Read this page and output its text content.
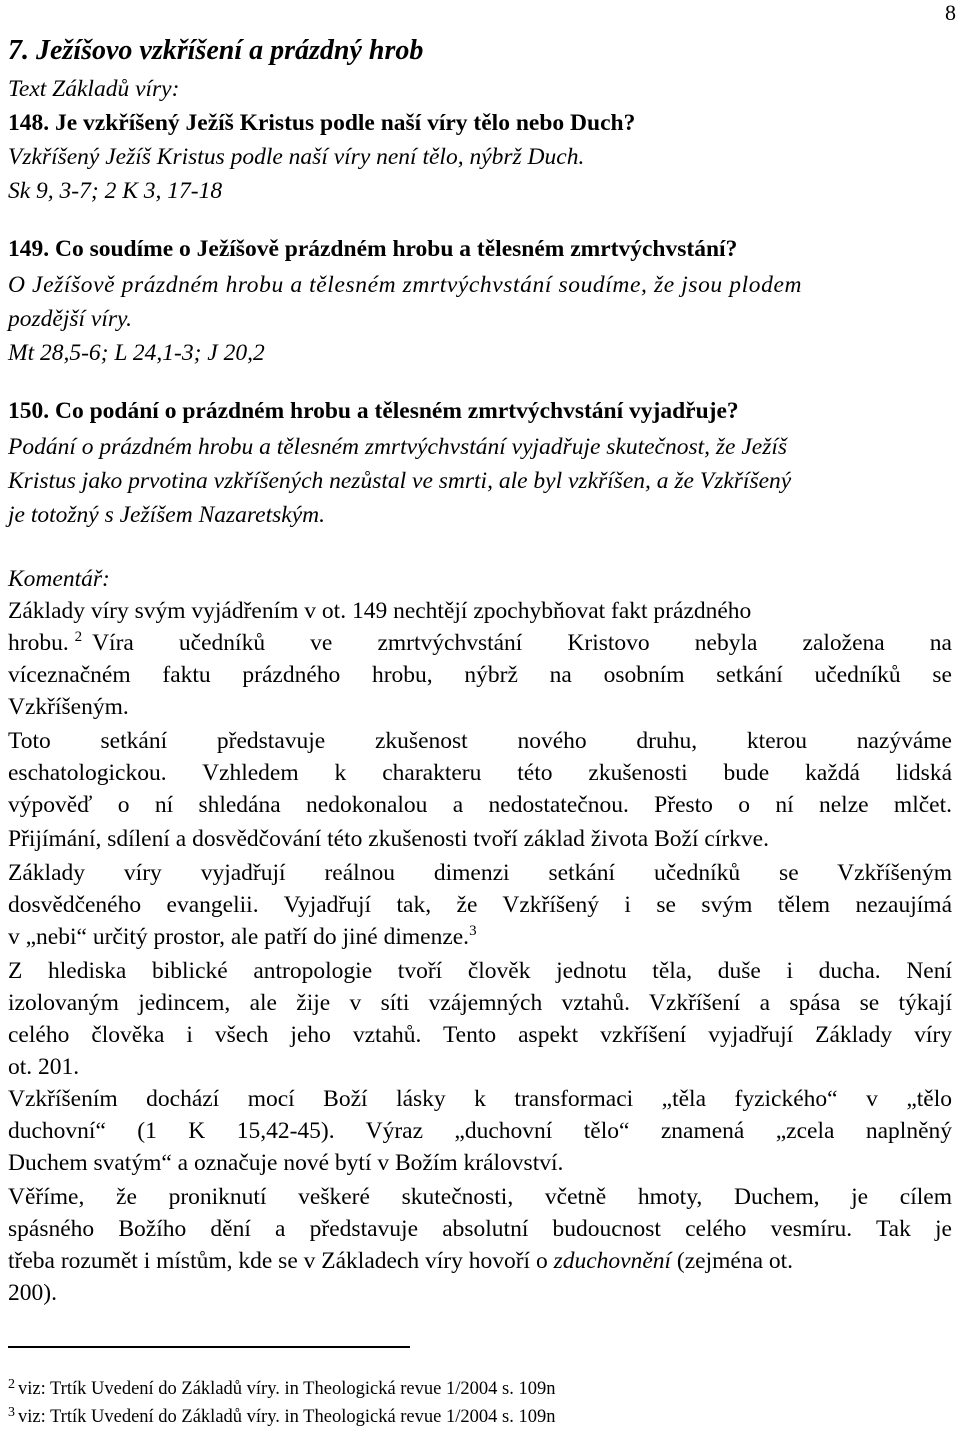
8
7. Ježíšovo vzkříšení a prázdný hrob
Text Základů víry:
148. Je vzkříšený Ježíš Kristus podle naší víry tělo nebo Duch?
Vzkříšený Ježíš Kristus podle naší víry není tělo, nýbrž Duch.
Sk 9, 3-7; 2 K 3, 17-18
149. Co soudíme o Ježíšově prázdném hrobu a tělesném zmrtvýchvstání?
O Ježíšově prázdném hrobu a tělesném zmrtvýchvstání soudíme, že jsou plodem
pozdější víry.
Mt 28,5-6; L 24,1-3; J 20,2
150. Co podání o prázdném hrobu a tělesném zmrtvýchvstání vyjadřuje?
Podání o prázdném hrobu a tělesném zmrtvýchvstání vyjadřuje skutečnost, že Ježíš
Kristus jako prvotina vzkříšených nezůstal ve smrti, ale byl vzkříšen, a že Vzkříšený
je totožný s Ježíšem Nazaretským.
Komentář:
Základy víry svým vyjádřením v ot. 149 nechtějí zpochybňovat fakt prázdného
hrobu. $^2$ Víra učedníků ve zmrtvýchvstání Kristovo nebyla založena na
víceznačném faktu prázdného hrobu, nýbrž na osobním setkání učedníků se
Vzkříšeným.
Toto setkání představuje zkušenost nového druhu, kterou nazýváme
eschatologickou. Vzhledem k charakteru této zkušenosti bude každá lidská
výpověď o ní shledána nedokonalou a nedostatečnou. Přesto o ní nelze mlčet.
Přijímání, sdílení a dosvědčování této zkušenosti tvoří základ života Boží církve.
Základy víry vyjadřují reálnou dimenzi setkání učedníků se Vzkříšeným
dosvědčeného evangelii. Vyjadřují tak, že Vzkříšený i se svým tělem nezaujímá
v „nebi“ určitý prostor, ale patří do jiné dimenze.$^3$
Z hlediska biblické antropologie tvoří člověk jednotu těla, duše i ducha. Není
izolovaným jedincem, ale žije v síti vzájemných vztahů. Vzkříšení a spása se týkají
celého člověka i všech jeho vztahů. Tento aspekt vzkříšení vyjadřují Základy víry
ot. 201.
Vzkříšením dochází mocí Boží lásky k transformaci „těla fyzického“ v „tělo
duchovní“ (1 K 15,42-45). Výraz „duchovní tělo“ znamená „zcela naplněný
Duchem svatým“ a označuje nové bytí v Božím království.
Věříme, že proniknutí veškeré skutečnosti, včetně hmoty, Duchem, je cílem
spásného Božího dění a představuje absolutní budoucnost celého vesmíru. Tak je
třeba rozumět i místům, kde se v Základech víry hovoří o zduchovnění (zejména ot.
200).
$^2$ viz: Trtík Uvedení do Základů víry. in Theologická revue 1/2004 s. 109n
$^3$ viz: Trtík Uvedení do Základů víry. in Theologická revue 1/2004 s. 109n
